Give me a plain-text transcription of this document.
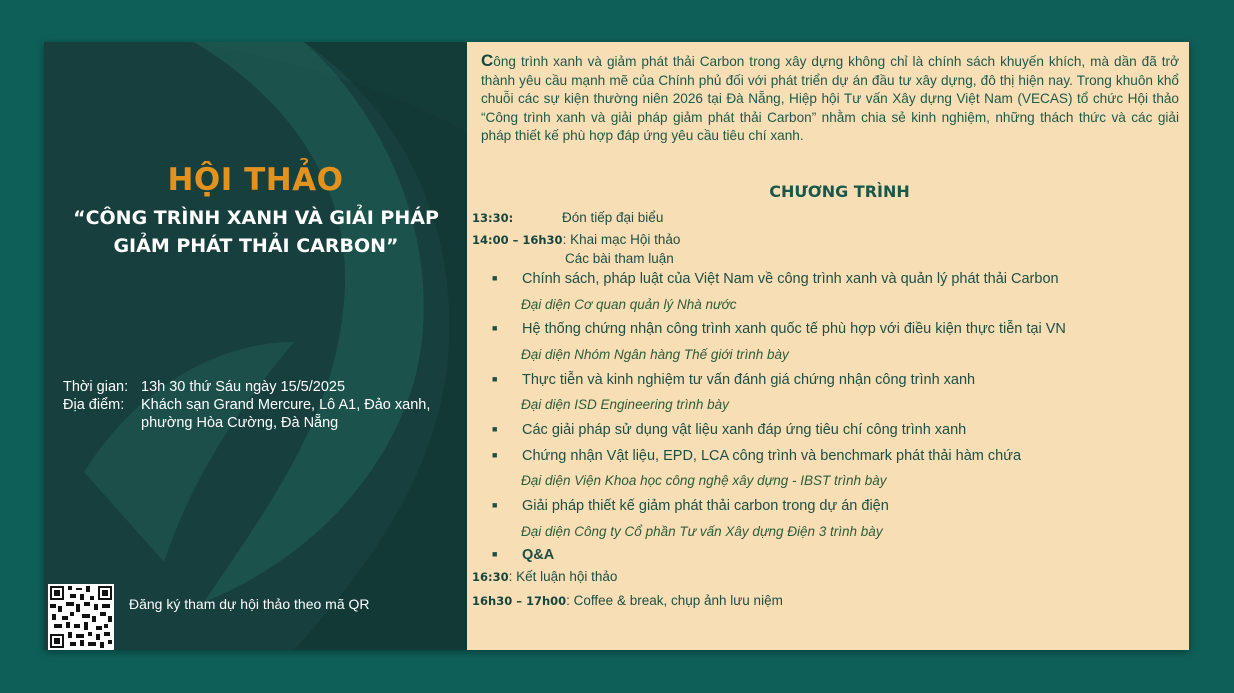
HỘI THẢO
“CÔNG TRÌNH XANH VÀ GIẢI PHÁP GIẢM PHÁT THẢI CARBON”
Thời gian: 13h 30 thứ Sáu ngày 15/5/2025
Địa điểm:	Khách sạn Grand Mercure, Lô A1, Đảo xanh, phường Hòa Cường, Đà Nẵng
Đăng ký tham dự hội thảo theo mã QR
Công trình xanh và giảm phát thải Carbon trong xây dựng không chỉ là chính sách khuyến khích, mà dần đã trở thành yêu cầu mạnh mẽ của Chính phủ đối với phát triển dự án đầu tư xây dựng, đô thị hiện nay. Trong khuôn khổ chuỗi các sự kiện thường niên 2026 tại Đà Nẵng, Hiệp hội Tư vấn Xây dựng Việt Nam (VECAS) tổ chức Hội thảo “Công trình xanh và giải pháp giảm phát thải Carbon” nhằm chia sẻ kinh nghiệm, những thách thức và các giải pháp thiết kế phù hợp đáp ứng yêu cầu tiêu chí xanh.
CHƯƠNG TRÌNH
13:30:	Đón tiếp đại biểu
14:00 – 16h30: Khai mạc Hội thảo
Các bài tham luận
■ Chính sách, pháp luật của Việt Nam về công trình xanh và quản lý phát thải Carbon
Đại diện Cơ quan quản lý Nhà nước
■ Hệ thống chứng nhận công trình xanh quốc tế phù hợp với điều kiện thực tiễn tại VN
Đại diện Nhóm Ngân hàng Thế giới trình bày
■ Thực tiễn và kinh nghiệm tư vấn đánh giá chứng nhận công trình xanh
Đại diện ISD Engineering trình bày
■ Các giải pháp sử dụng vật liệu xanh đáp ứng tiêu chí công trình xanh
■ Chứng nhận Vật liệu, EPD, LCA công trình và benchmark phát thải hàm chứa
Đại diện Viện Khoa học công nghệ xây dựng - IBST trình bày
■ Giải pháp thiết kế giảm phát thải carbon trong dự án điện
Đại diện Công ty Cổ phần Tư vấn Xây dựng Điện 3 trình bày
■ Q&A
16:30: Kết luận hội thảo
16h30 – 17h00: Coffee & break, chụp ảnh lưu niệm
